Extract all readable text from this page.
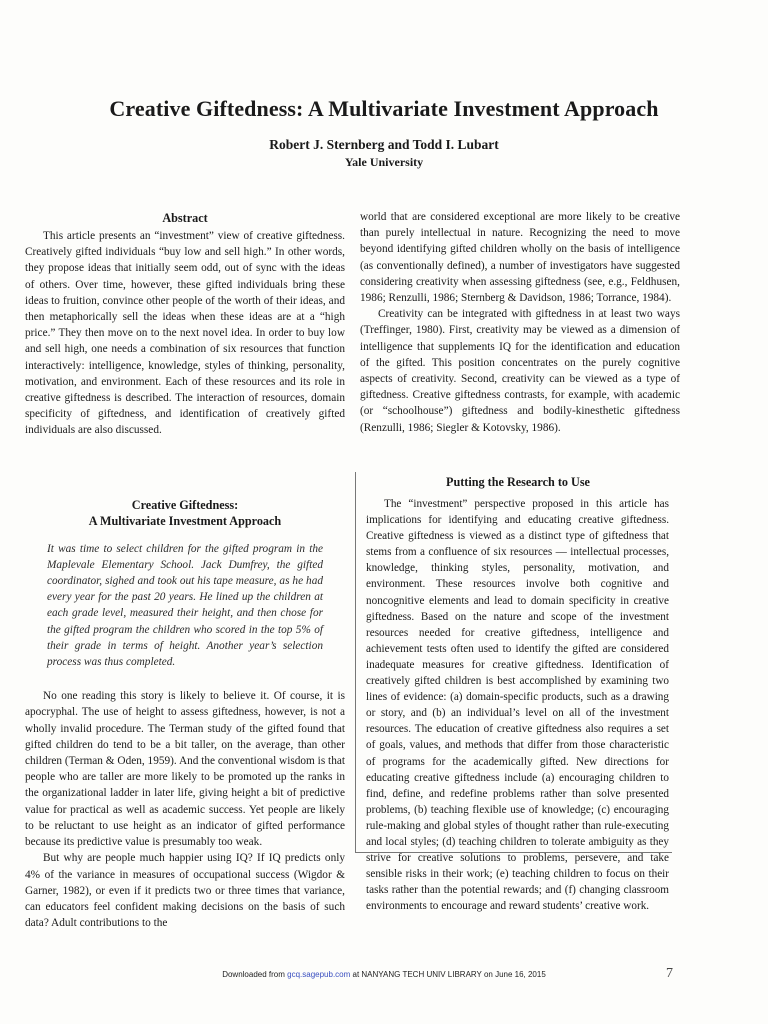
Creative Giftedness: A Multivariate Investment Approach
Robert J. Sternberg and Todd I. Lubart
Yale University
Abstract

This article presents an “investment” view of creative giftedness. Creatively gifted individuals “buy low and sell high.” In other words, they propose ideas that initially seem odd, out of sync with the ideas of others. Over time, however, these gifted individuals bring these ideas to fruition, convince other people of the worth of their ideas, and then metaphorically sell the ideas when these ideas are at a “high price.” They then move on to the next novel idea. In order to buy low and sell high, one needs a combination of six resources that function interactively: intelligence, knowledge, styles of thinking, personality, motivation, and environment. Each of these resources and its role in creative giftedness is described. The interaction of resources, domain specificity of giftedness, and identification of creatively gifted individuals are also discussed.

Creative Giftedness:
A Multivariate Investment Approach

It was time to select children for the gifted program in the Maplevale Elementary School. Jack Dumfrey, the gifted coordinator, sighed and took out his tape measure, as he had every year for the past 20 years. He lined up the children at each grade level, measured their height, and then chose for the gifted program the children who scored in the top 5% of their grade in terms of height. Another year’s selection process was thus completed.

No one reading this story is likely to believe it. Of course, it is apocryphal. The use of height to assess giftedness, however, is not a wholly invalid procedure. The Terman study of the gifted found that gifted children do tend to be a bit taller, on the average, than other children (Terman & Oden, 1959). And the conventional wisdom is that people who are taller are more likely to be promoted up the ranks in the organizational ladder in later life, giving height a bit of predictive value for practical as well as academic success. Yet people are likely to be reluctant to use height as an indicator of gifted performance because its predictive value is presumably too weak.

But why are people much happier using IQ? If IQ predicts only 4% of the variance in measures of occupational success (Wigdor & Garner, 1982), or even if it predicts two or three times that variance, can educators feel confident making decisions on the basis of such data? Adult contributions to the

world that are considered exceptional are more likely to be creative than purely intellectual in nature. Recognizing the need to move beyond identifying gifted children wholly on the basis of intelligence (as conventionally defined), a number of investigators have suggested considering creativity when assessing giftedness (see, e.g., Feldhusen, 1986; Renzulli, 1986; Sternberg & Davidson, 1986; Torrance, 1984).

Creativity can be integrated with giftedness in at least two ways (Treffinger, 1980). First, creativity may be viewed as a dimension of intelligence that supplements IQ for the identification and education of the gifted. This position concentrates on the purely cognitive aspects of creativity. Second, creativity can be viewed as a type of giftedness. Creative giftedness contrasts, for example, with academic (or “schoolhouse”) giftedness and bodily-kinesthetic giftedness (Renzulli, 1986; Siegler & Kotovsky, 1986).

Putting the Research to Use

The “investment” perspective proposed in this article has implications for identifying and educating creative giftedness. Creative giftedness is viewed as a distinct type of giftedness that stems from a confluence of six resources — intellectual processes, knowledge, thinking styles, personality, motivation, and environment. These resources involve both cognitive and noncognitive elements and lead to domain specificity in creative giftedness. Based on the nature and scope of the investment resources needed for creative giftedness, intelligence and achievement tests often used to identify the gifted are considered inadequate measures for creative giftedness. Identification of creatively gifted children is best accomplished by examining two lines of evidence: (a) domain-specific products, such as a drawing or story, and (b) an individual’s level on all of the investment resources. The education of creative giftedness also requires a set of goals, values, and methods that differ from those characteristic of programs for the academically gifted. New directions for educating creative giftedness include (a) encouraging children to find, define, and redefine problems rather than solve presented problems, (b) teaching flexible use of knowledge; (c) encouraging rule-making and global styles of thought rather than rule-executing and local styles; (d) teaching children to tolerate ambiguity as they strive for creative solutions to problems, persevere, and take sensible risks in their work; (e) teaching children to focus on their tasks rather than the potential rewards; and (f) changing classroom environments to encourage and reward students’ creative work.

Downloaded from gcq.sagepub.com at NANYANG TECH UNIV LIBRARY on June 16, 2015	7
